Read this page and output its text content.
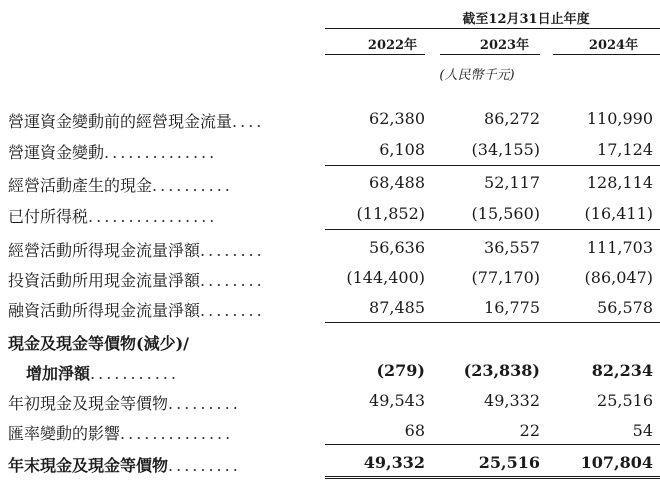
截至12月31日止年度
2022年	2023年	2024年
(人民幣千元)
營運資金變動前的經營現金流量....	62,380	86,272	110,990
營運資金變動..............	6,108	(34,155)	17,124
經營活動產生的現金..........	68,488	52,117	128,114
已付所得税................	(11,852)	(15,560)	(16,411)
經營活動所得現金流量淨額........	56,636	36,557	111,703
投資活動所用現金流量淨額........	(144,400)	(77,170)	(86,047)
融資活動所得現金流量淨額........	87,485	16,775	56,578
現金及現金等價物(減少)/
增加淨額...........	(279)	(23,838)	82,234
年初現金及現金等價物.........	49,543	49,332	25,516
匯率變動的影響..............	68	22	54
年末現金及現金等價物.........	49,332	25,516	107,804
